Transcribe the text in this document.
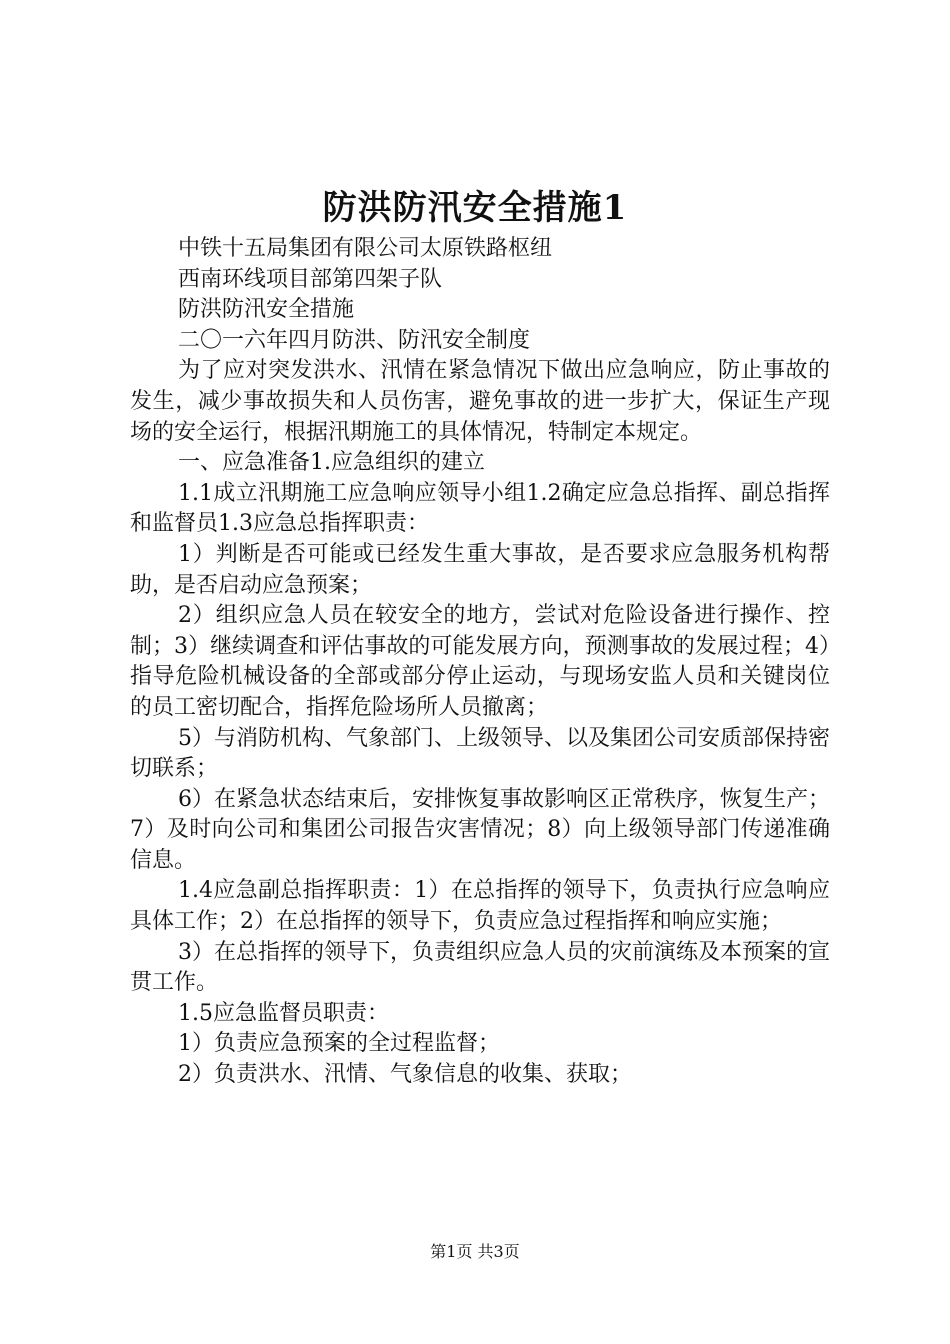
防洪防汛安全措施1

中铁十五局集团有限公司太原铁路枢纽

西南环线项目部第四架子队

防洪防汛安全措施

二〇一六年四月防洪、防汛安全制度

为了应对突发洪水、汛情在紧急情况下做出应急响应，防止事故的发生，减少事故损失和人员伤害，避免事故的进一步扩大，保证生产现场的安全运行，根据汛期施工的具体情况，特制定本规定。

一、应急准备1.应急组织的建立

1.1成立汛期施工应急响应领导小组1.2确定应急总指挥、副总指挥和监督员1.3应急总指挥职责：

1）判断是否可能或已经发生重大事故，是否要求应急服务机构帮助，是否启动应急预案；

2）组织应急人员在较安全的地方，尝试对危险设备进行操作、控制；3）继续调查和评估事故的可能发展方向，预测事故的发展过程；4）指导危险机械设备的全部或部分停止运动，与现场安监人员和关键岗位的员工密切配合，指挥危险场所人员撤离；

5）与消防机构、气象部门、上级领导、以及集团公司安质部保持密切联系；

6）在紧急状态结束后，安排恢复事故影响区正常秩序，恢复生产；7）及时向公司和集团公司报告灾害情况；8）向上级领导部门传递准确信息。

1.4应急副总指挥职责：1）在总指挥的领导下，负责执行应急响应具体工作；2）在总指挥的领导下，负责应急过程指挥和响应实施；

3）在总指挥的领导下，负责组织应急人员的灾前演练及本预案的宣贯工作。

1.5应急监督员职责：

1）负责应急预案的全过程监督；

2）负责洪水、汛情、气象信息的收集、获取；

第1页 共3页
